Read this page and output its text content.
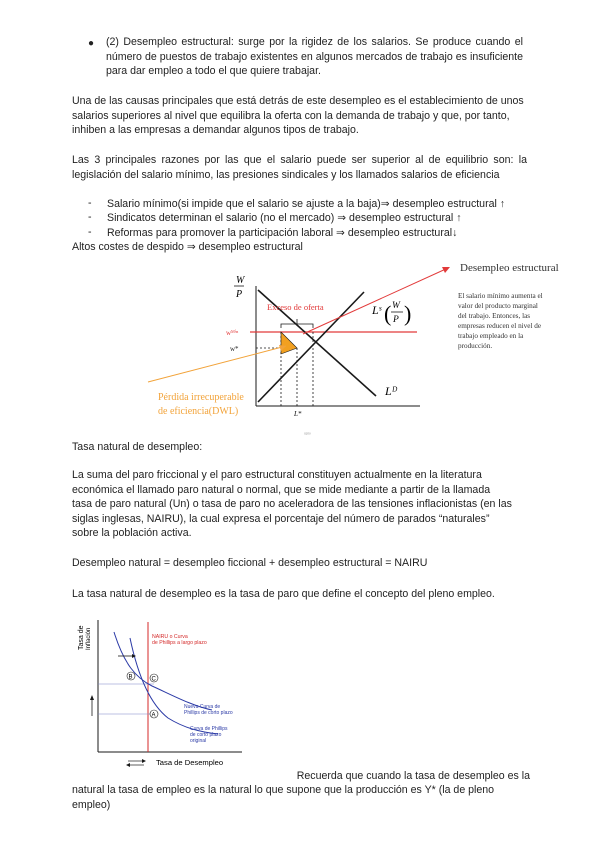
● (2) Desempleo estructural: surge por la rigidez de los salarios. Se produce cuando el número de puestos de trabajo existentes en algunos mercados de trabajo es insuficiente para dar empleo a todo el que quiere trabajar.
Una de las causas principales que está detrás de este desempleo es el establecimiento de unos salarios superiores al nivel que equilibra la oferta con la demanda de trabajo y que, por tanto, inhiben a las empresas a demandar algunos tipos de trabajo.
Las 3 principales razones por las que el salario puede ser superior al de equilibrio son: la legislación del salario mínimo, las presiones sindicales y los llamados salarios de eficiencia
- Salario mínimo(si impide que el salario se ajuste a la baja)⇒ desempleo estructural ↑
- Sindicatos determinan el salario (no el mercado) ⇒ desempleo estructural ↑
- Reformas para promover la participación laboral ⇒ desempleo estructural↓
Altos costes de despido ⇒ desempleo estructural
W
P
wᴹⁱⁿ
w*
L*
Exceso de oferta	Lˢ ( W
P )
Lᴰ
Pérdida irrecuperable
de eficiencia(DWL)
Desempleo estructural
El salario mínimo aumenta el
valor del producto marginal
del trabajo. Entonces, las
empresas reducen el nivel de
trabajo empleado en la
producción.
ᵘᵖᵗᵒ
Tasa natural de desempleo:
La suma del paro friccional y el paro estructural constituyen actualmente en la literatura económica el llamado paro natural o normal, que se mide mediante a partir de la llamada tasa de paro natural (Un) o tasa de paro no aceleradora de las tensiones inflacionistas (en las siglas inglesas, NAIRU), la cual expresa el porcentaje del número de parados “naturales” sobre la población activa.
Desempleo natural = desempleo ficcional + desempleo estructural = NAIRU
La tasa natural de desempleo es la tasa de paro que define el concepto del pleno empleo.
Tasa de Inflación	NAIRU o Curva
de Phillips a largo plazo
B	C
A
Nueva Curva de
Phillips de corto plazo
Curva de Phillips
de corto plazo
original
Tasa de Desempleo
Recuerda que cuando la tasa de desempleo es la
natural la tasa de empleo es la natural lo que supone que la producción es Y* (la de pleno empleo)
